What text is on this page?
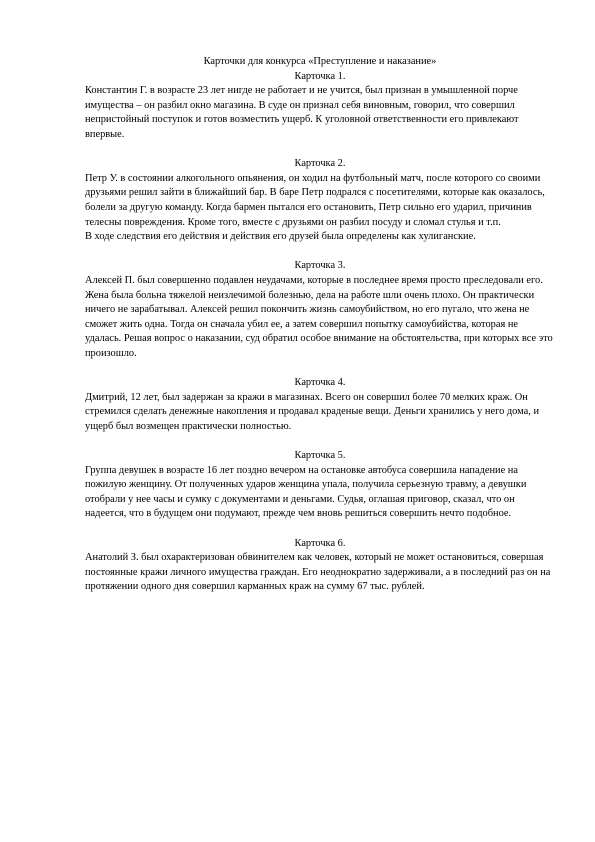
Карточки для конкурса «Преступление и наказание»

Карточка 1.

Константин Г. в возрасте 23 лет нигде не работает и не учится, был признан в умышленной порче имущества – он разбил окно магазина. В суде он признал себя виновным, говорил, что совершил непристойный поступок и готов возместить ущерб. К уголовной ответственности его привлекают впервые.

Карточка 2.

Петр У. в состоянии алкогольного опьянения, он ходил на футбольный матч, после которого со своими друзьями решил зайти в ближайший бар. В баре Петр подрался с посетителями, которые как оказалось, болели за другую команду. Когда бармен пытался его остановить, Петр сильно его ударил, причинив телесны повреждения. Кроме того, вместе с друзьями он разбил посуду и сломал стулья и т.п.

В ходе следствия его действия и действия его друзей была определены как хулиганские.

Карточка 3.

Алексей П. был совершенно подавлен неудачами, которые в последнее время просто преследовали его. Жена была больна тяжелой неизлечимой болезнью, дела на работе шли очень плохо. Он практически ничего не зарабатывал. Алексей решил покончить жизнь самоубийством, но его пугало, что жена не сможет жить одна. Тогда он сначала убил ее, а затем совершил попытку самоубийства, которая не удалась. Решая вопрос о наказании, суд обратил особое внимание на обстоятельства, при которых все это произошло.

Карточка 4.

Дмитрий, 12 лет, был задержан за кражи в магазинах. Всего он совершил более 70 мелких краж. Он стремился сделать денежные накопления и продавал краденые вещи. Деньги хранились у него дома, и ущерб был возмещен практически полностью.

Карточка 5.

Группа девушек в возрасте 16 лет поздно вечером на остановке автобуса совершила нападение на пожилую женщину. От полученных ударов женщина упала, получила серьезную травму, а девушки отобрали у нее часы и сумку с документами и деньгами. Судья, оглашая приговор, сказал, что он надеется, что в будущем они подумают, прежде чем вновь решиться совершить нечто подобное.

Карточка 6.

Анатолий З. был охарактеризован обвинителем как человек, который не может остановиться, совершая постоянные кражи личного имущества граждан. Его неоднократно задерживали, а в последний раз он на протяжении одного дня совершил карманных краж на сумму 67 тыс. рублей.
